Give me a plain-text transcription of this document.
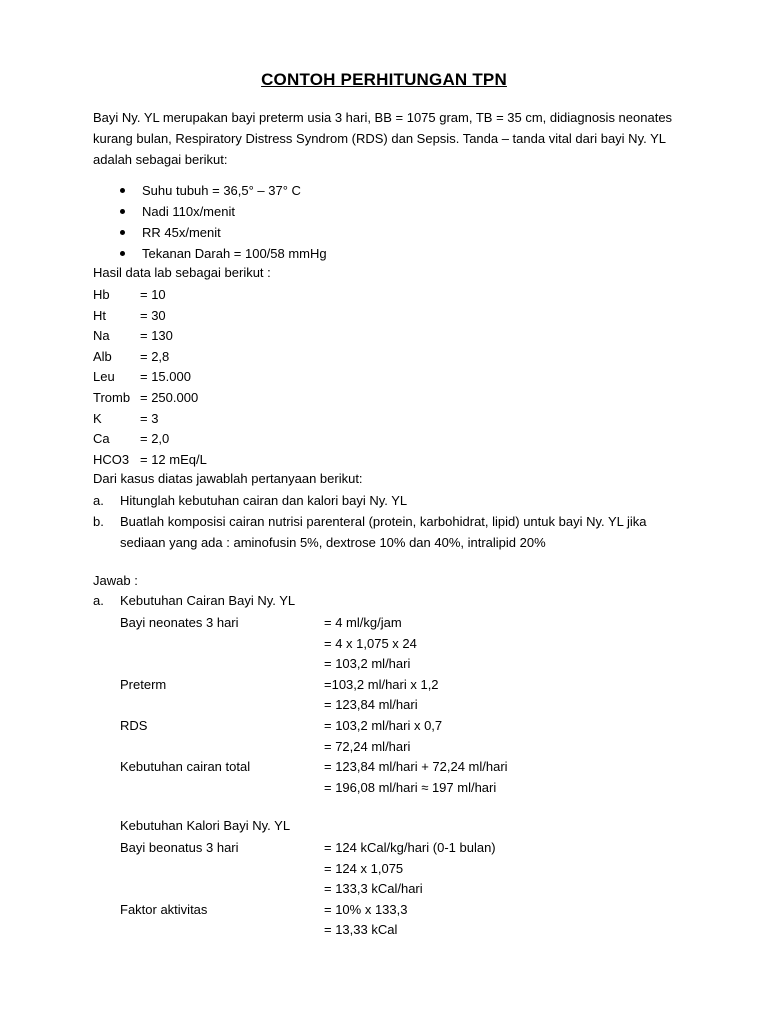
CONTOH PERHITUNGAN TPN
Bayi Ny. YL merupakan bayi preterm usia 3 hari, BB = 1075 gram, TB = 35 cm, didiagnosis neonates kurang bulan, Respiratory Distress Syndrom (RDS) dan Sepsis. Tanda – tanda vital dari bayi Ny. YL adalah sebagai berikut:
Suhu tubuh = 36,5° – 37° C
Nadi 110x/menit
RR 45x/menit
Tekanan Darah = 100/58 mmHg
Hasil data lab sebagai berikut :
Hb	= 10
Ht	= 30
Na	= 130
Alb	= 2,8
Leu	= 15.000
Tromb = 250.000
K	= 3
Ca	= 2,0
HCO3 = 12 mEq/L
Dari kasus diatas jawablah pertanyaan berikut:
a.	Hitunglah kebutuhan cairan dan kalori bayi Ny. YL
b.	Buatlah komposisi cairan nutrisi parenteral (protein, karbohidrat, lipid) untuk bayi Ny. YL jika sediaan yang ada : aminofusin 5%, dextrose 10% dan 40%, intralipid 20%
Jawab :
a. Kebutuhan Cairan Bayi Ny. YL
Bayi neonates 3 hari	= 4 ml/kg/jam
= 4 x 1,075 x 24
= 103,2 ml/hari
Preterm	=103,2 ml/hari x 1,2
= 123,84 ml/hari
RDS	= 103,2 ml/hari x 0,7
= 72,24 ml/hari
Kebutuhan cairan total	= 123,84 ml/hari + 72,24 ml/hari
= 196,08 ml/hari ≈ 197 ml/hari
Kebutuhan Kalori Bayi Ny. YL
Bayi beonatus 3 hari	= 124 kCal/kg/hari (0-1 bulan)
= 124 x 1,075
= 133,3 kCal/hari
Faktor aktivitas	= 10% x 133,3
= 13,33 kCal
